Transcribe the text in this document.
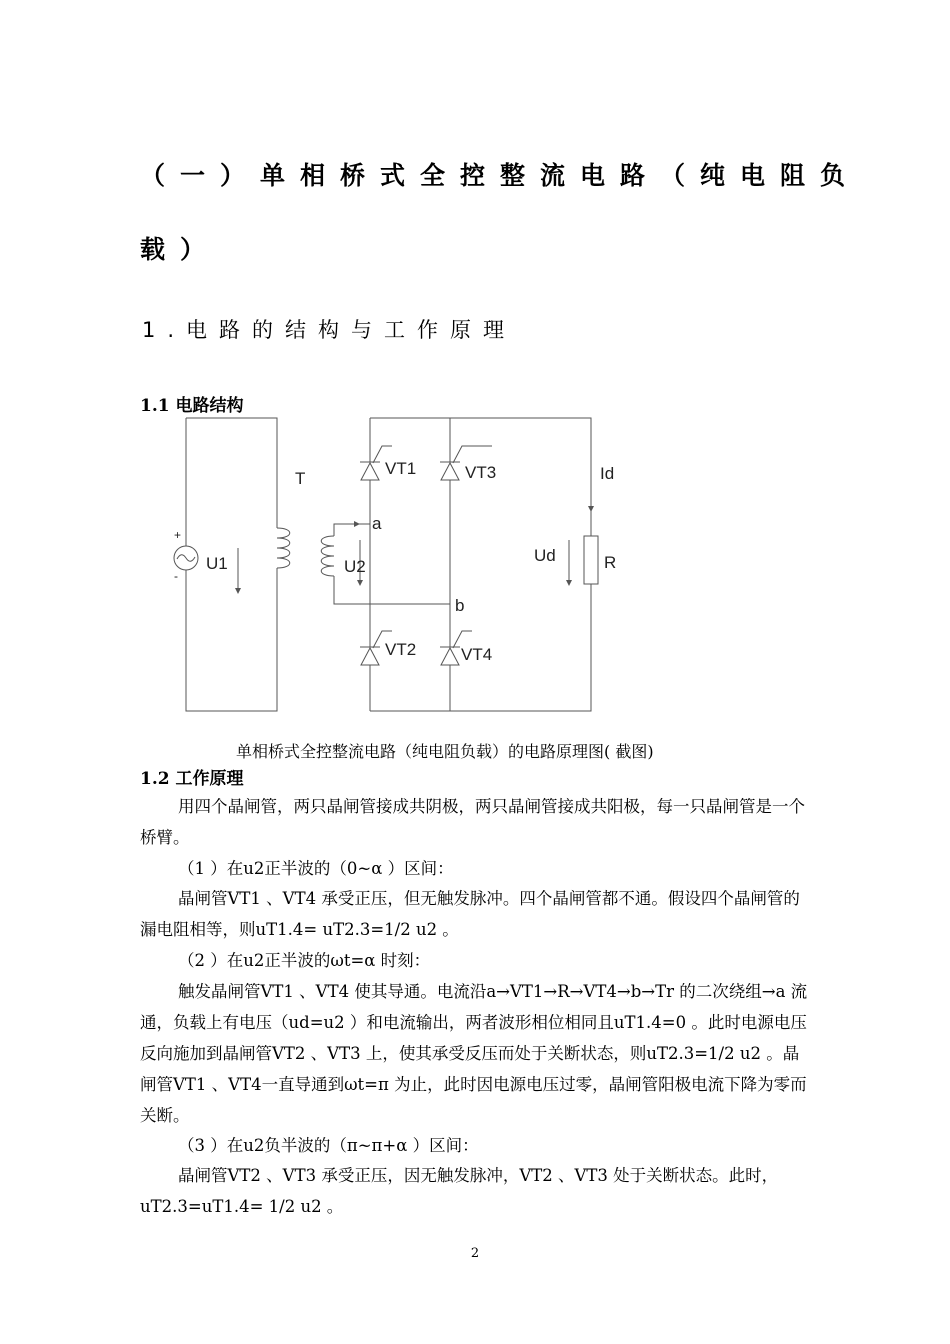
（一）单相桥式全控整流电路（纯电阻负
载）
1.电路的结构与工作原理
1.1 电路结构
T
VT1	VT3
VT2	VT4
Id
a
b
U1	U2
Ud	R
+
-
单相桥式全控整流电路（纯电阻负载）的电路原理图( 截图)
1.2 工作原理
用四个晶闸管，两只晶闸管接成共阴极，两只晶闸管接成共阳极，每一只晶闸管是一个桥臂。
（1 ）在u2正半波的（0~α ）区间：
晶闸管VT1 、VT4 承受正压，但无触发脉冲。四个晶闸管都不通。假设四个晶闸管的漏电阻相等，则uT1.4= uT2.3=1/2 u2 。
（2 ）在u2正半波的ωt=α 时刻：
触发晶闸管VT1 、VT4 使其导通。电流沿a→VT1→R→VT4→b→Tr 的二次绕组→a 流通，负载上有电压（ud=u2 ）和电流输出，两者波形相位相同且uT1.4=0 。此时电源电压反向施加到晶闸管VT2 、VT3 上，使其承受反压而处于关断状态，则uT2.3=1/2 u2 。晶闸管VT1 、VT4一直导通到ωt=π 为止，此时因电源电压过零，晶闸管阳极电流下降为零而关断。
（3 ）在u2负半波的（π~π+α ）区间：
晶闸管VT2 、VT3 承受正压，因无触发脉冲，VT2 、VT3 处于关断状态。此时，uT2.3=uT1.4= 1/2 u2 。
2
